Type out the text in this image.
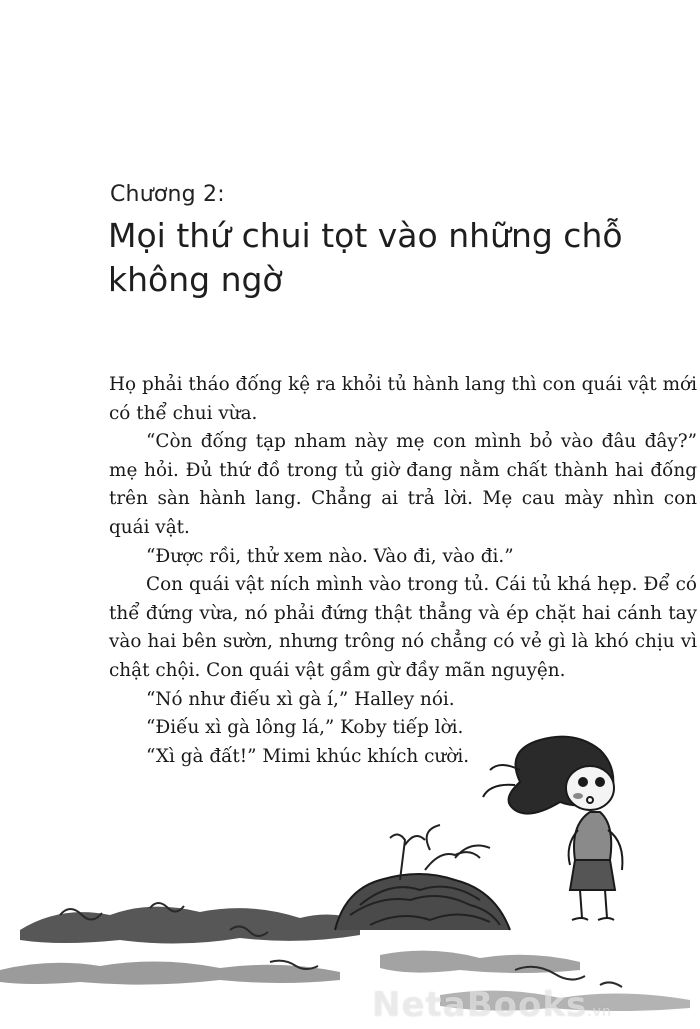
Chương 2:
Mọi thứ chui tọt vào những chỗ
không ngờ

Họ phải tháo đống kệ ra khỏi tủ hành lang thì con quái vật mới có thể chui vừa.

“Còn đống tạp nham này mẹ con mình bỏ vào đâu đây?” mẹ hỏi. Đủ thứ đồ trong tủ giờ đang nằm chất thành hai đống trên sàn hành lang. Chẳng ai trả lời. Mẹ cau mày nhìn con quái vật.

“Được rồi, thử xem nào. Vào đi, vào đi.”

Con quái vật ních mình vào trong tủ. Cái tủ khá hẹp. Để có thể đứng vừa, nó phải đứng thật thẳng và ép chặt hai cánh tay vào hai bên sườn, nhưng trông nó chẳng có vẻ gì là khó chịu vì chật chội. Con quái vật gầm gừ đầy mãn nguyện.

“Nó như điếu xì gà í,” Halley nói.

“Điếu xì gà lông lá,” Koby tiếp lời.

“Xì gà đất!” Mimi khúc khích cười.

NetaBooks.vn
